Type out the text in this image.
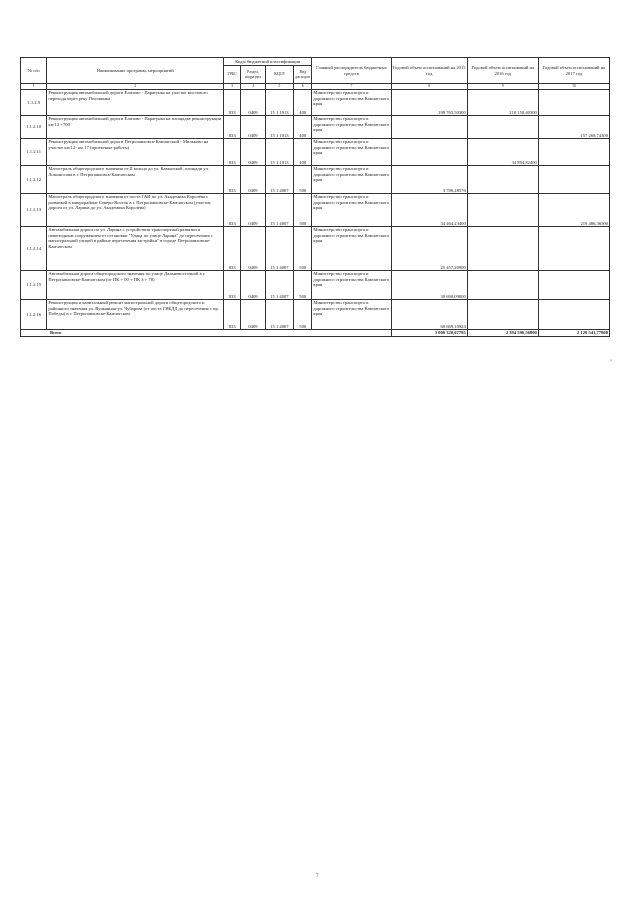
№ п/п	Наименование программ, мероприятий	Коды бюджетной классификации				Главный распорядитель бюджетных средств	Годовой объем ассигнований на 2015 год	Годовой объем ассигнований на 2016 год	Годовой объем ассигнований на 2017 год
		ГРБС	Раздел, подраздел	КЦСР	Вид расходов				
1	2	3	4	5	6	7	8	9	10
1.1.2.9	Реконструкция автомобильной дороги Елизово - Паратунка на участке мостового перехода через реку Половинка	833	0409	15 1 1013	400	Министерство транспорта и дорожного строительства Камчатского края	198 765,50300	210 150,40300	
1.1.2.10	Реконструкция автомобильной дороги Елизово - Паратунка на площадке реконструкции км 12 +700	833	0409	15 1 1013	400	Министерство транспорта и дорожного строительства Камчатского края			157 268,74300
1.1.2.11	Реконструкция автомобильной дороги Петропавловск-Камчатский - Мильково на участке км 12- км 17 (проектные работы)	833	0409	15 1 1013	400	Министерство транспорта и дорожного строительства Камчатского края		34 894,82400	
1.1.2.12	Магистраль общегородского значения от II кольца до ул. Кавказской, площади ул. Ломоносова в г. Петропавловск-Камчатском	833	0409	15 1 4007	500	Министерство транспорта и дорожного строительства Камчатского края	3 780,28576		
1.1.2.13	Магистраль общегородского значения от поста ГАИ по ул. Академика Королёва с развязкой в микрорайоне Северо-Восток в г. Петропавловске-Камчатском (участок дороги от ул. Ларина до ул. Академика Королёва)	833	0409	15 1 4007	500	Министерство транспорта и дорожного строительства Камчатского края	34 464,23400		219 486,36500
1.1.2.14	Автомобильная дорога по ул. Ларина с устройством транспортной развязки и пешеходным сооружением от остановки "Улица по улице Ларина" до пересечения с магистральной улицей в районе пересечения застройки" в городе Петропавловске-Камчатском	833	0409	15 1 4007	500	Министерство транспорта и дорожного строительства Камчатского края	25 457,20900		
1.1.2.15	Автомобильная дорога общегородского значения по улице Дальневосточной в г. Петропавловске-Камчатском (от ПК + 00 + ПК 3 + 78)	833	0409	15 1 4007	500	Министерство транспорта и дорожного строительства Камчатского края	30 690,09000		
1.1.2.16	Реконструкция и капитальный ремонт магистральной дороги общегородского и районного значения ул. Вулканная-ул. Чубарова (от поста ГИБДД до пересечения с пр. Победы) в г. Петропавловске-Камчатском	833	0409	15 1 4007	500	Министерство транспорта и дорожного строительства Камчатского края	68 669,10924		
Всего							3 006 320,67795	2 394 596,56800	2 129 541,77800
»
7
